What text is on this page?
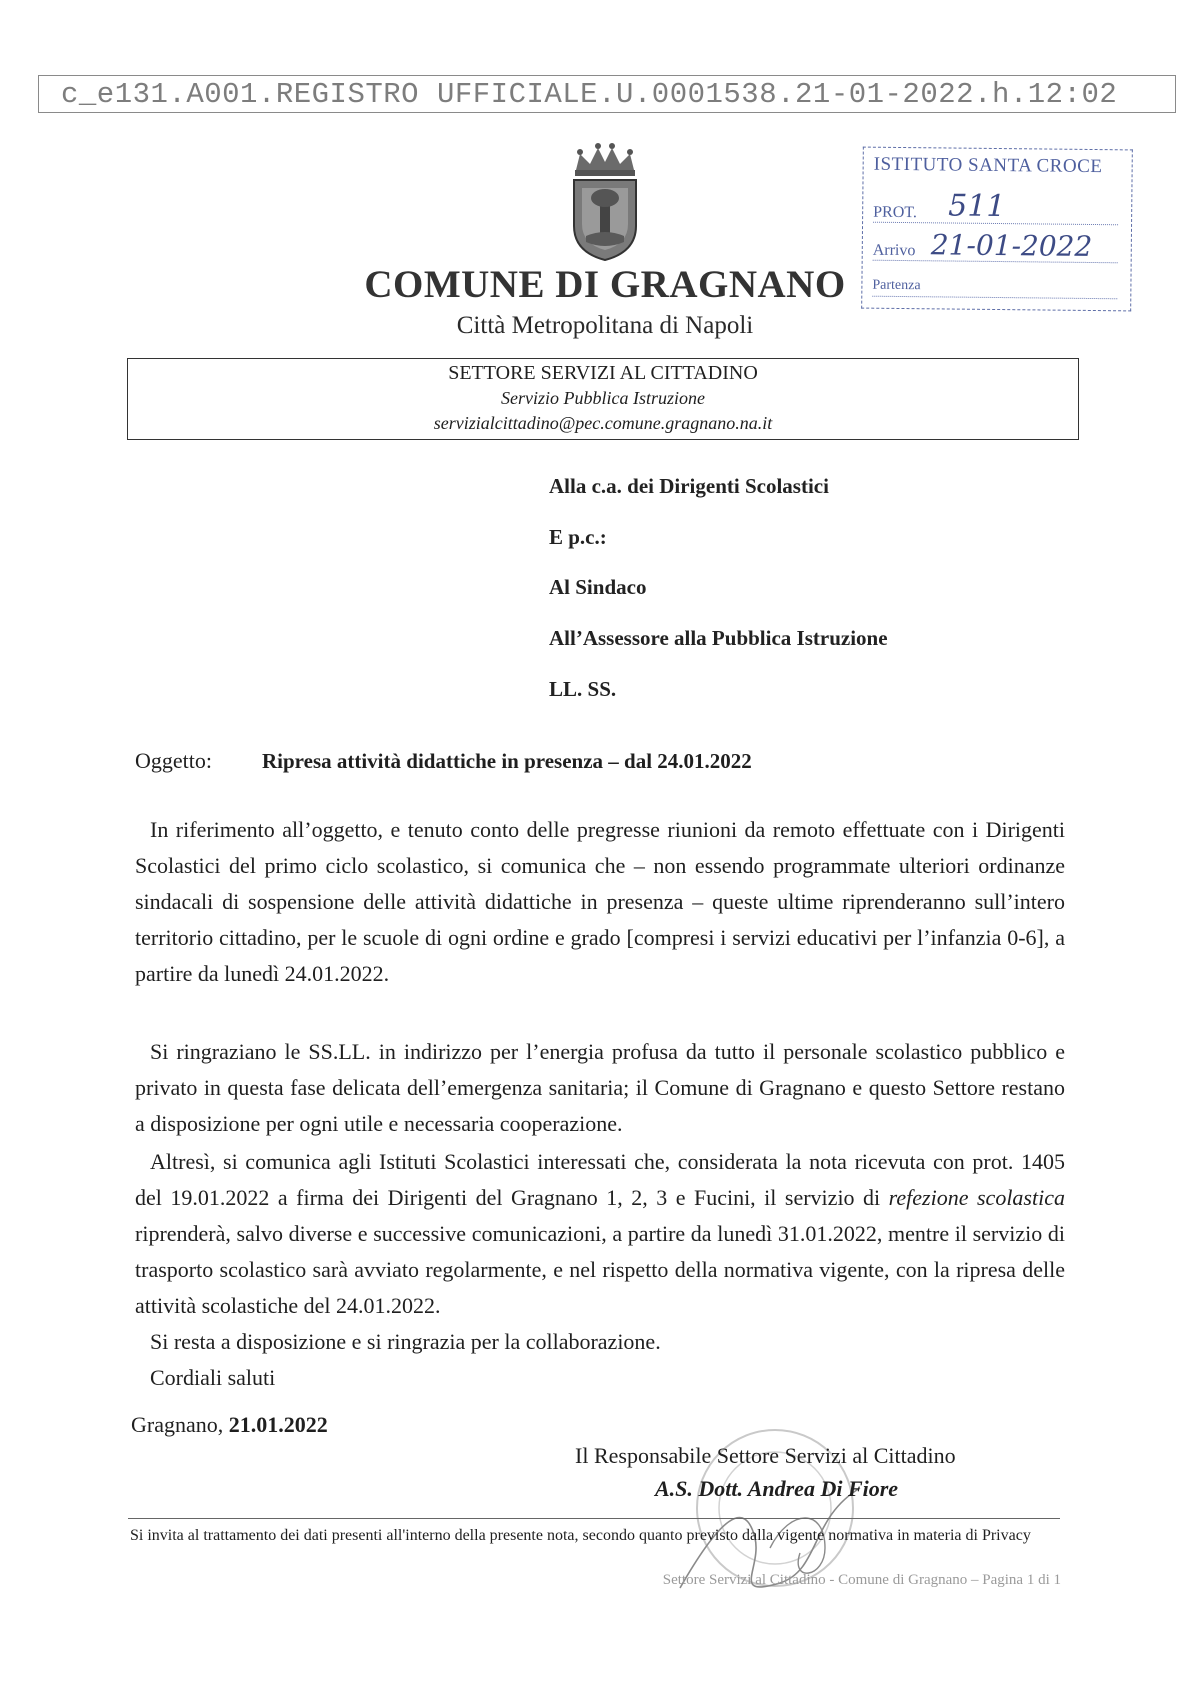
c_e131.A001.REGISTRO UFFICIALE.U.0001538.21-01-2022.h.12:02
COMUNE DI GRAGNANO
Città Metropolitana di Napoli
ISTITUTO SANTA CROCE
PROT. 511
Arrivo 21-01-2022
Partenza
SETTORE SERVIZI AL CITTADINO
Servizio Pubblica Istruzione
servizialcittadino@pec.comune.gragnano.na.it
Alla c.a. dei Dirigenti Scolastici
E p.c.:
Al Sindaco
All’Assessore alla Pubblica Istruzione
LL. SS.
Oggetto: Ripresa attività didattiche in presenza – dal 24.01.2022
In riferimento all’oggetto, e tenuto conto delle pregresse riunioni da remoto effettuate con i Dirigenti Scolastici del primo ciclo scolastico, si comunica che – non essendo programmate ulteriori ordinanze sindacali di sospensione delle attività didattiche in presenza – queste ultime riprenderanno sull’intero territorio cittadino, per le scuole di ogni ordine e grado [compresi i servizi educativi per l’infanzia 0-6], a partire da lunedì 24.01.2022.
Si ringraziano le SS.LL. in indirizzo per l’energia profusa da tutto il personale scolastico pubblico e privato in questa fase delicata dell’emergenza sanitaria; il Comune di Gragnano e questo Settore restano a disposizione per ogni utile e necessaria cooperazione.
Altresì, si comunica agli Istituti Scolastici interessati che, considerata la nota ricevuta con prot. 1405 del 19.01.2022 a firma dei Dirigenti del Gragnano 1, 2, 3 e Fucini, il servizio di refezione scolastica riprenderà, salvo diverse e successive comunicazioni, a partire da lunedì 31.01.2022, mentre il servizio di trasporto scolastico sarà avviato regolarmente, e nel rispetto della normativa vigente, con la ripresa delle attività scolastiche del 24.01.2022.
Si resta a disposizione e si ringrazia per la collaborazione.
Cordiali saluti
Gragnano, 21.01.2022
Il Responsabile Settore Servizi al Cittadino
A.S. Dott. Andrea Di Fiore
Si invita al trattamento dei dati presenti all'interno della presente nota, secondo quanto previsto dalla vigente normativa in materia di Privacy
Settore Servizi al Cittadino - Comune di Gragnano – Pagina 1 di 1
